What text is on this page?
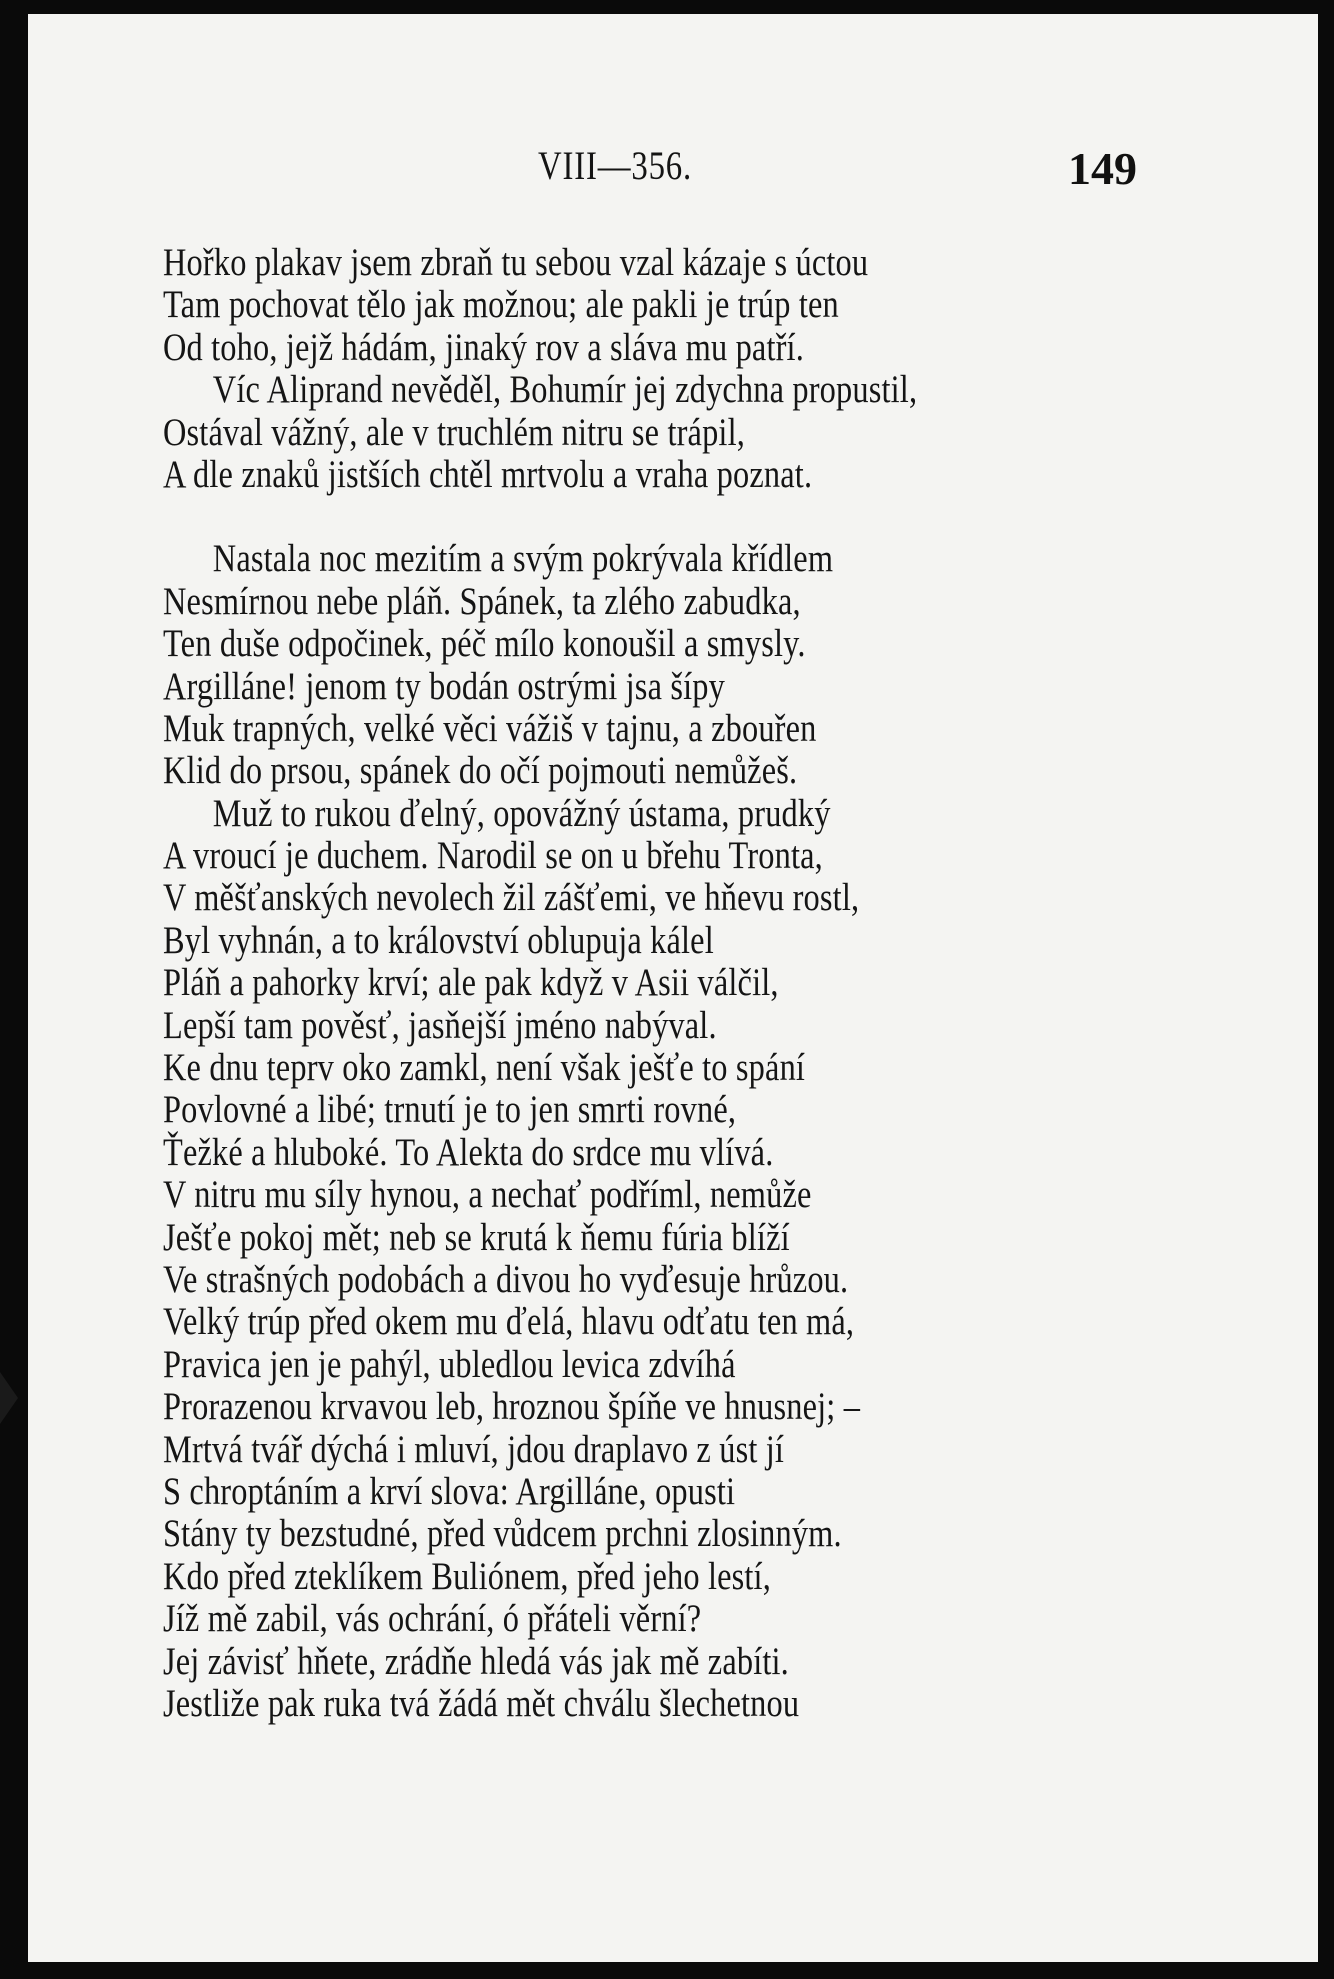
VIII—356.	149
Hořko plakav jsem zbraň tu sebou vzal kázaje s úctou
Tam pochovat tělo jak možnou; ale pakli je trúp ten
Od toho, jejž hádám, jinaký rov a sláva mu patří.
Víc Aliprand nevěděl, Bohumír jej zdychna propustil,
Ostával vážný, ale v truchlém nitru se trápil,
A dle znaků jistších chtěl mrtvolu a vraha poznat.
Nastala noc mezitím a svým pokrývala křídlem
Nesmírnou nebe pláň. Spánek, ta zlého zabudka,
Ten duše odpočinek, péč mílo konoušil a smysly.
Argilláne! jenom ty bodán ostrými jsa šípy
Muk trapných, velké věci vážiš v tajnu, a zbouřen
Klid do prsou, spánek do očí pojmouti nemůžeš.
Muž to rukou ďelný, opovážný ústama, prudký
A vroucí je duchem. Narodil se on u břehu Tronta,
V měšťanských nevolech žil zášťemi, ve hňevu rostl,
Byl vyhnán, a to království oblupuja kálel
Pláň a pahorky krví; ale pak když v Asii válčil,
Lepší tam pověsť, jasňejší jméno nabýval.
Ke dnu teprv oko zamkl, není však ješťe to spání
Povlovné a libé; trnutí je to jen smrti rovné,
Ťežké a hluboké. To Alekta do srdce mu vlívá.
V nitru mu síly hynou, a nechať podříml, nemůže
Ješťe pokoj mět; neb se krutá k ňemu fúria blíží
Ve strašných podobách a divou ho vyďesuje hrůzou.
Velký trúp před okem mu ďelá, hlavu odťatu ten má,
Pravica jen je pahýl, ubledlou levica zdvíhá
Prorazenou krvavou leb, hroznou špíňe ve hnusnej; –
Mrtvá tvář dýchá i mluví, jdou draplavo z úst jí
S chroptáním a krví slova: Argilláne, opusti
Stány ty bezstudné, před vůdcem prchni zlosinným.
Kdo před zteklíkem Buliónem, před jeho lestí,
Jíž mě zabil, vás ochrání, ó přáteli věrní?
Jej závisť hňete, zrádňe hledá vás jak mě zabíti.
Jestliže pak ruka tvá žádá mět chválu šlechetnou
